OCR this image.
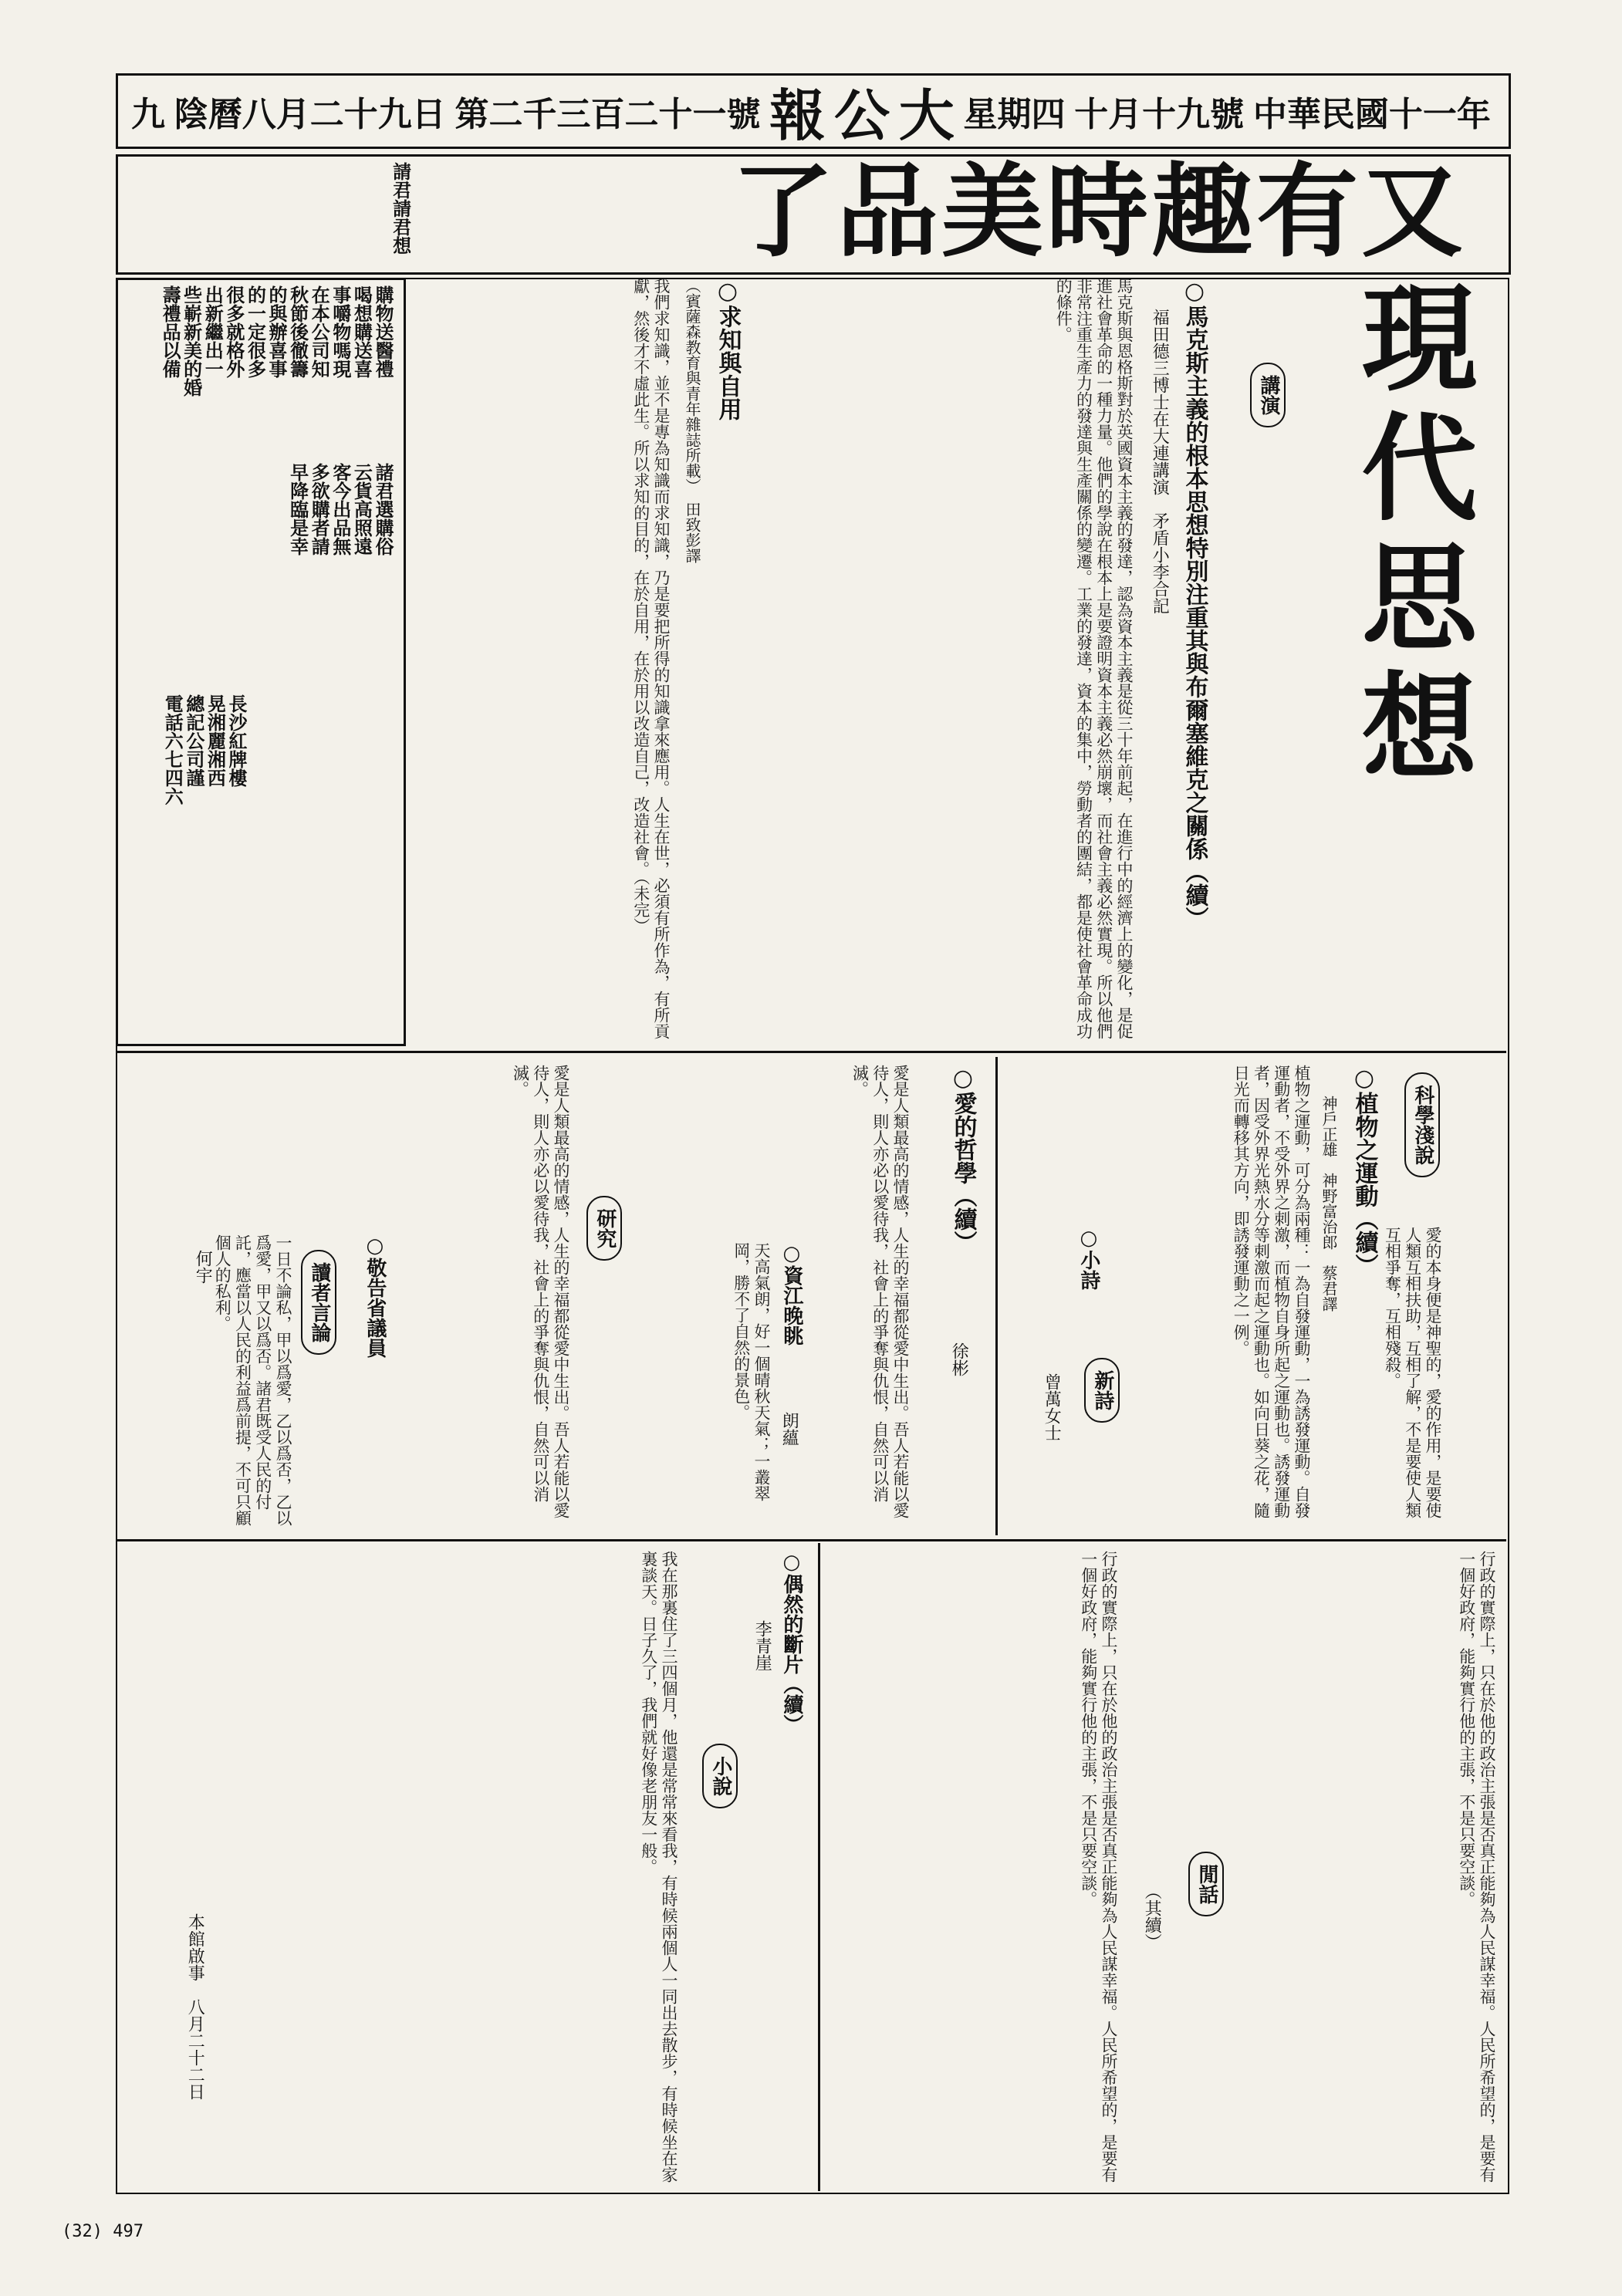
中華民國十一年
十月十九號
星期四
大
公
報
第二千三百二十一號
陰曆八月二十九日
九
又有趣時美品了
請君請君想
購物送醫禮
喝想購送喜
事嚼物嗎現
在本公司知
秋節後徹籌
的與辦喜事
的一定很多
很多就格外
出新繼出一
些嶄新美的婚
壽禮品以備
諸君選購俗
云貨高照遠
客今出品無
多欲購者請
早降臨是幸
長沙紅牌樓
晃湘麗湘西
總記公司謹
電話六七四六	現代思想
講演
○馬克斯主義的根本思想特別注重其與布爾塞維克之關係（續）
福田德三博士在大連講演　矛盾小李合記
馬克斯與恩格斯對於英國資本主義的發達，認為資本主義是從三十年前起，在進行中的經濟上的變化，是促進社會革命的一種力量。他們的學說在根本上是要證明資本主義必然崩壞，而社會主義必然實現。所以他們非常注重生產力的發達與生產關係的變遷。工業的發達，資本的集中，勞動者的團結，都是使社會革命成功的條件。
○求知與自用
（賓薩森教育與青年雜誌所載）　田致彭譯
我們求知識，並不是專為知識而求知識，乃是要把所得的知識拿來應用。人生在世，必須有所作為，有所貢獻，然後才不虛此生。所以求知的目的，在於自用，在於用以改造自己，改造社會。（未完）
科學淺說
○植物之運動（續）
神戶正雄　神野富治郎　蔡君譯
植物之運動，可分為兩種：一為自發運動，一為誘發運動。自發運動者，不受外界之刺激，而植物自身所起之運動也。誘發運動者，因受外界光熱水分等刺激而起之運動也。如向日葵之花，隨日光而轉移其方向，即誘發運動之一例。
○愛的哲學（續）
徐彬
愛是人類最高的情感，人生的幸福都從愛中生出。吾人若能以愛待人，則人亦必以愛待我，社會上的爭奪與仇恨，自然可以消滅。
研究
愛是人類最高的情感，人生的幸福都從愛中生出。吾人若能以愛待人，則人亦必以愛待我，社會上的爭奪與仇恨，自然可以消滅。
新詩
○小詩
曾萬女士	愛的本身便是神聖的，愛的作用，是要使人類互相扶助，互相了解，不是要使人類互相爭奪，互相殘殺。
○資江晚眺
朗蘊
天高氣朗，好一個晴秋天氣；一叢翠岡，勝不了自然的景色。
讀者言論 ○敬告省議員
何宇	一日不論私，甲以爲愛，乙以爲否，乙以爲愛，甲又以爲否。諸君既受人民的付託，應當以人民的利益爲前提，不可只顧個人的私利。
閒話
（其續）	行政的實際上，只在於他的政治主張是否真正能夠為人民謀幸福。人民所希望的，是要有一個好政府，能夠實行他的主張，不是只要空談。
行政的實際上，只在於他的政治主張是否真正能夠為人民謀幸福。人民所希望的，是要有一個好政府，能夠實行他的主張，不是只要空談。
○偶然的斷片（續）
李青崖
小說
我在那裏住了三四個月，他還是常常來看我，有時候兩個人一同出去散步，有時候坐在家裏談天。日子久了，我們就好像老朋友一般。
本館啟事　八月二十二日
(32) 497
